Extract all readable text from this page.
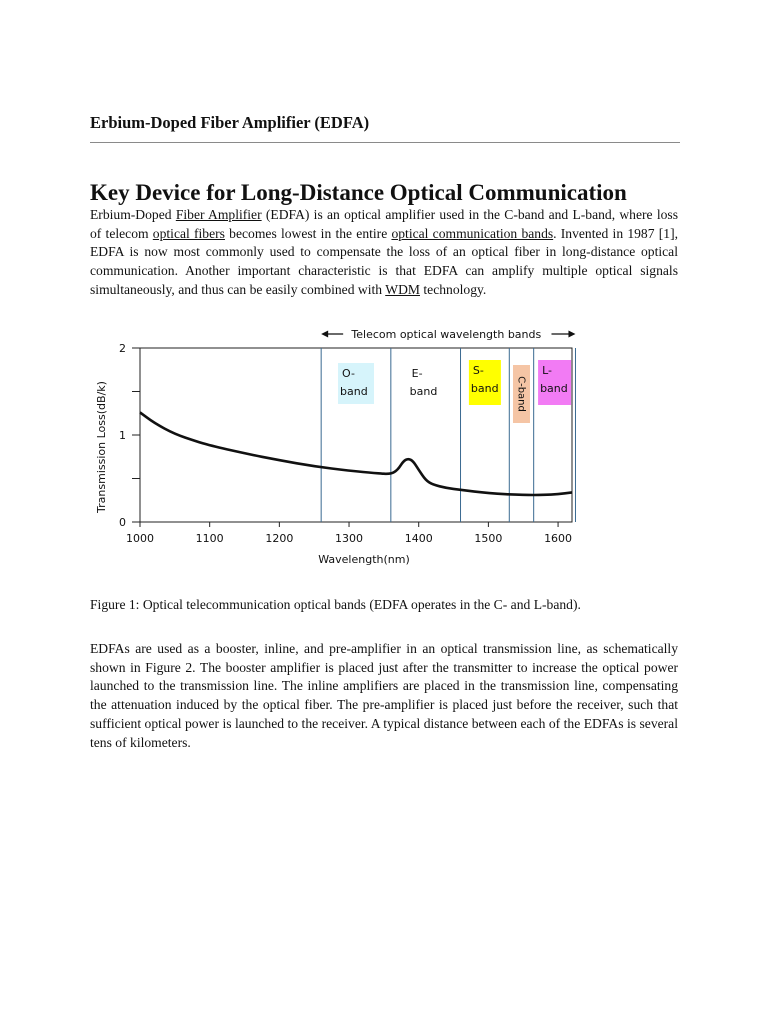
Erbium-Doped Fiber Amplifier (EDFA)
Key Device for Long-Distance Optical Communication

Erbium-Doped Fiber Amplifier (EDFA) is an optical amplifier used in the C-band and L-band, where loss of telecom optical fibers becomes lowest in the entire optical communication bands. Invented in 1987 [1], EDFA is now most commonly used to compensate the loss of an optical fiber in long-distance optical communication. Another important characteristic is that EDFA can amplify multiple optical signals simultaneously, and thus can be easily combined with WDM technology.

O-
band
E-
band
S-
band C-band
L-
band
Telecom optical wavelength bands
0
1
2
1000	1100	1200	1300	1400	1500	1600
Wavelength(nm)
Transmission Loss(dB/k)

Figure 1: Optical telecommunication optical bands (EDFA operates in the C- and L-band).

EDFAs are used as a booster, inline, and pre-amplifier in an optical transmission line, as schematically shown in Figure 2. The booster amplifier is placed just after the transmitter to increase the optical power launched to the transmission line. The inline amplifiers are placed in the transmission line, compensating the attenuation induced by the optical fiber. The pre-amplifier is placed just before the receiver, such that sufficient optical power is launched to the receiver. A typical distance between each of the EDFAs is several tens of kilometers.
